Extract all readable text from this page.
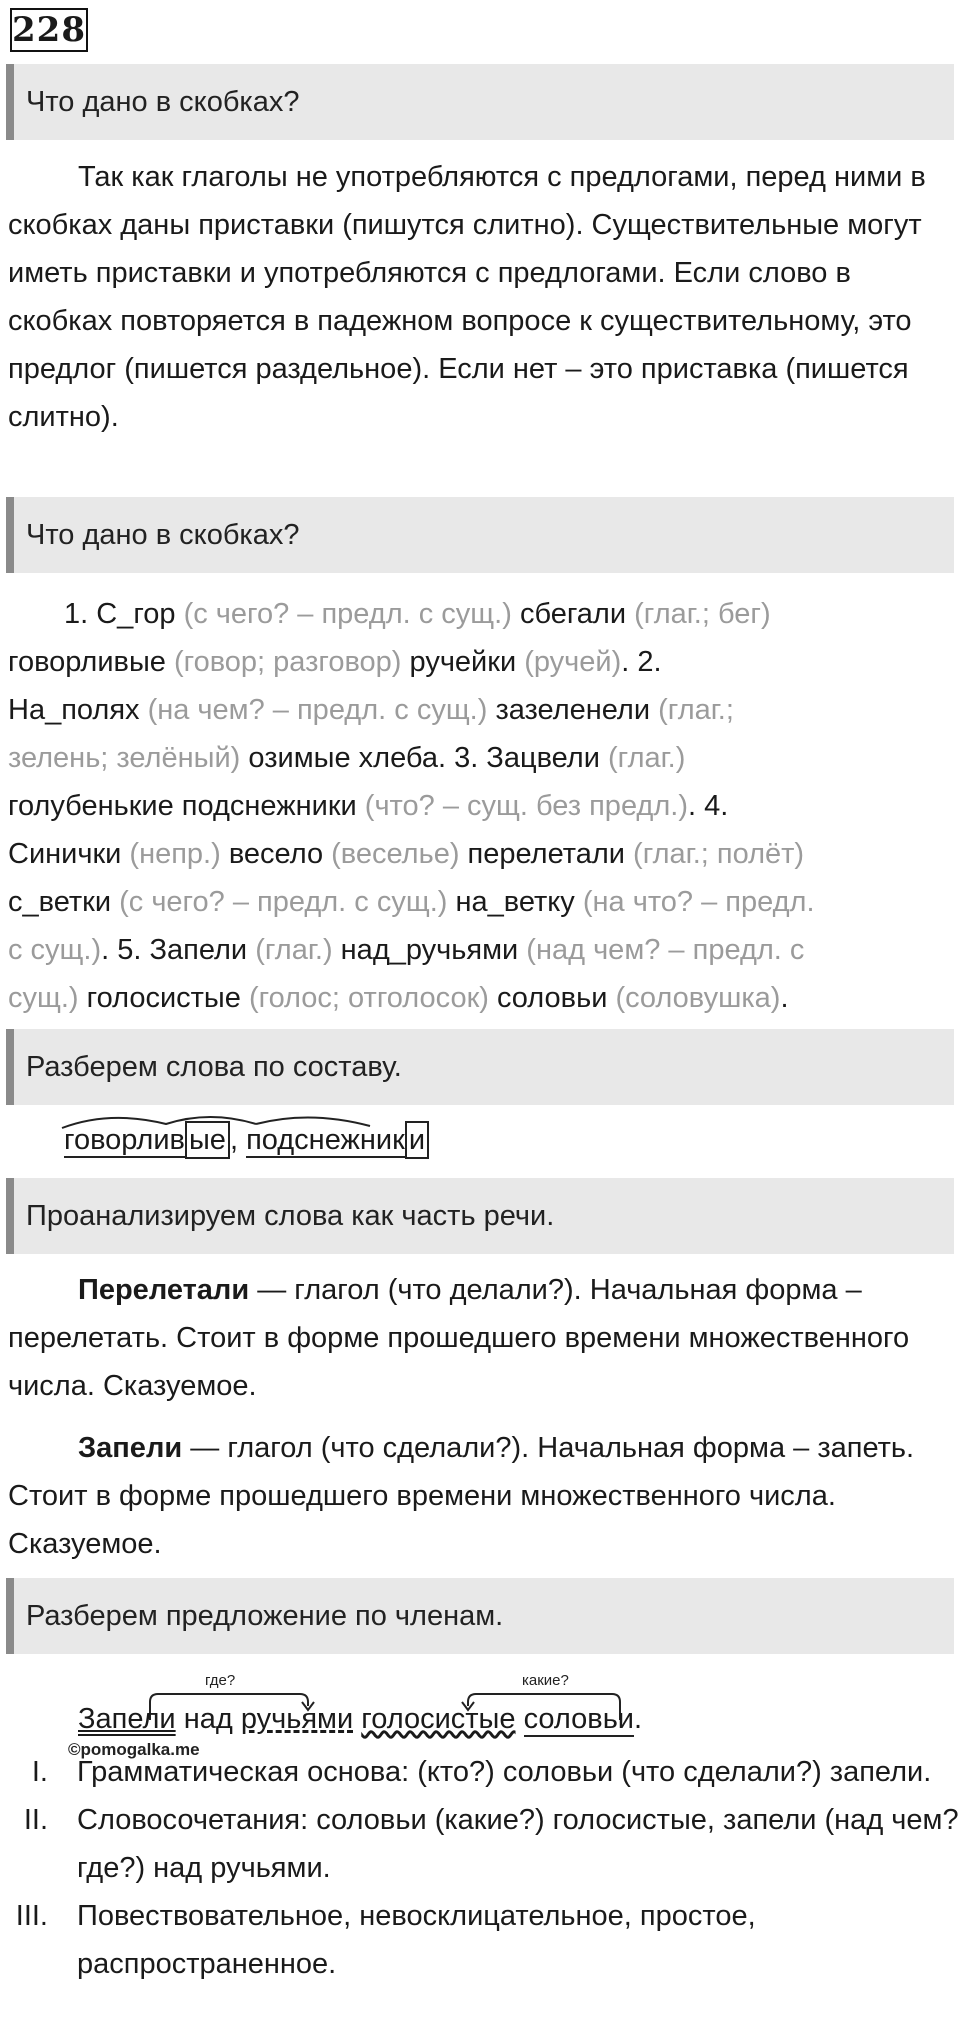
228
Что дано в скобках?
Так как глаголы не употребляются с предлогами, перед ними в скобках даны приставки (пишутся слитно). Существительные могут иметь приставки и употребляются с предлогами. Если слово в скобках повторяется в падежном вопросе к существительному, это предлог (пишется раздельное). Если нет – это приставка (пишется слитно).
Что дано в скобках?
1. С_гор (с чего? – предл. с сущ.) сбегали (глаг.; бег)
говорливые (говор; разговор) ручейки (ручей). 2.
На_полях (на чем? – предл. с сущ.) зазеленели (глаг.;
зелень; зелёный) озимые хлеба. 3. Зацвели (глаг.)
голубенькие подснежники (что? – сущ. без предл.). 4.
Синички (непр.) весело (веселье) перелетали (глаг.; полёт)
с_ветки (с чего? – предл. с сущ.) на_ветку (на что? – предл.
с сущ.). 5. Запели (глаг.) над_ручьями (над чем? – предл. с
сущ.) голосистые (голос; отголосок) соловьи (соловушка).
Разберем слова по составу.
говорлив ые , подснежник и
Проанализируем слова как часть речи.
Перелетали — глагол (что делали?). Начальная форма – перелетать. Стоит в форме прошедшего времени множественного числа. Сказуемое.
Запели — глагол (что сделали?). Начальная форма – запеть. Стоит в форме прошедшего времени множественного числа. Сказуемое.
Разберем предложение по членам.
где?	какие?
Запели над ручьями голосистые соловьи.
©pomogalka.me
I. Грамматическая основа: (кто?) соловьи (что сделали?) запели.
II. Словосочетания: соловьи (какие?) голосистые, запели (над чем? где?) над ручьями.
III. Повествовательное, невосклицательное, простое, распространенное.
